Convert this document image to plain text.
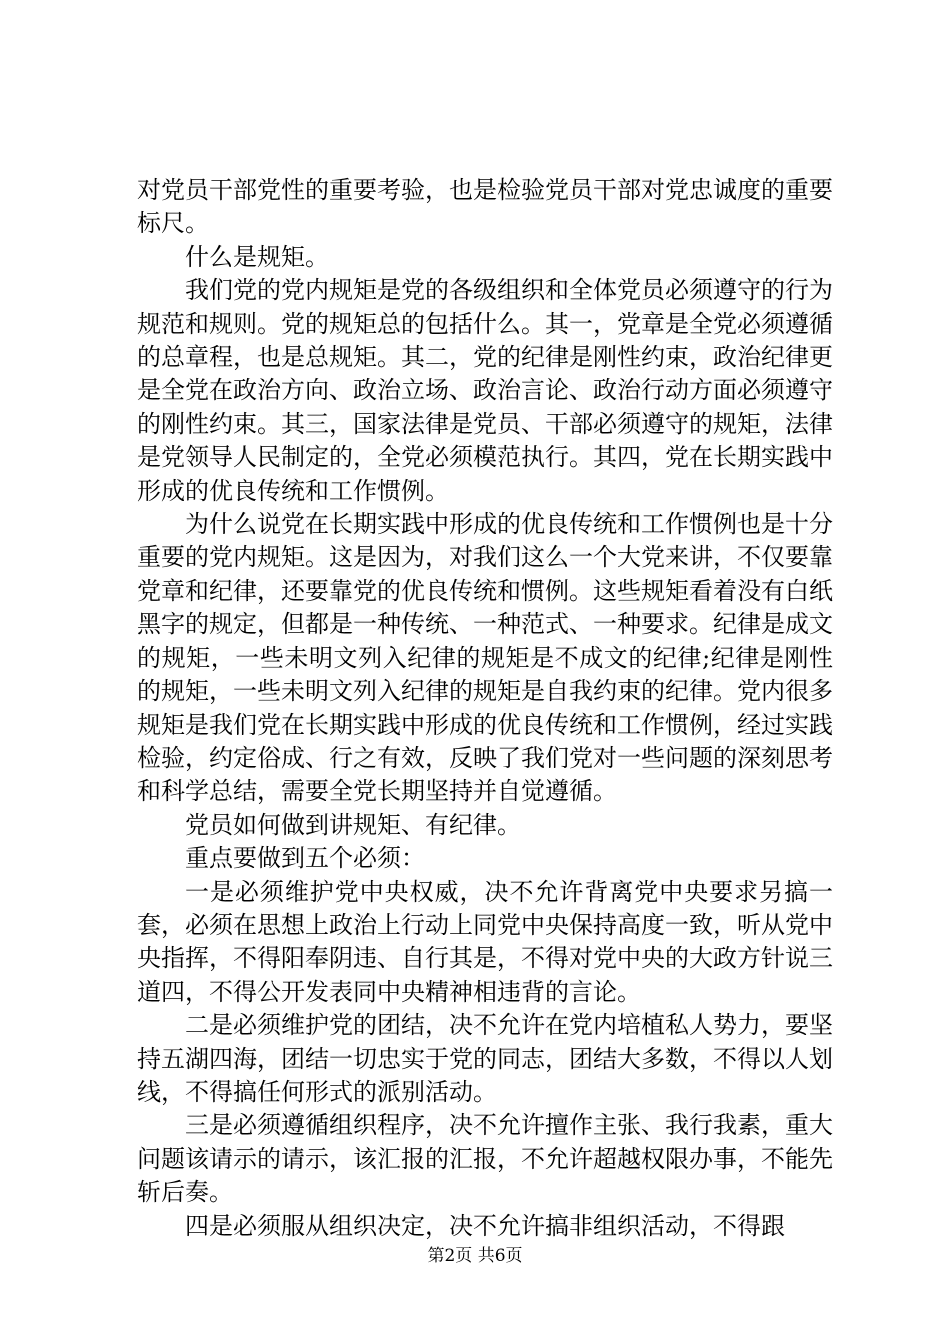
对党员干部党性的重要考验，也是检验党员干部对党忠诚度的重要标尺。

什么是规矩。

我们党的党内规矩是党的各级组织和全体党员必须遵守的行为规范和规则。党的规矩总的包括什么。其一，党章是全党必须遵循的总章程，也是总规矩。其二，党的纪律是刚性约束，政治纪律更是全党在政治方向、政治立场、政治言论、政治行动方面必须遵守的刚性约束。其三，国家法律是党员、干部必须遵守的规矩，法律是党领导人民制定的，全党必须模范执行。其四，党在长期实践中形成的优良传统和工作惯例。

为什么说党在长期实践中形成的优良传统和工作惯例也是十分重要的党内规矩。这是因为，对我们这么一个大党来讲，不仅要靠党章和纪律，还要靠党的优良传统和惯例。这些规矩看着没有白纸黑字的规定，但都是一种传统、一种范式、一种要求。纪律是成文的规矩，一些未明文列入纪律的规矩是不成文的纪律;纪律是刚性的规矩，一些未明文列入纪律的规矩是自我约束的纪律。党内很多规矩是我们党在长期实践中形成的优良传统和工作惯例，经过实践检验，约定俗成、行之有效，反映了我们党对一些问题的深刻思考和科学总结，需要全党长期坚持并自觉遵循。

党员如何做到讲规矩、有纪律。

重点要做到五个必须：

一是必须维护党中央权威，决不允许背离党中央要求另搞一套，必须在思想上政治上行动上同党中央保持高度一致，听从党中央指挥，不得阳奉阴违、自行其是，不得对党中央的大政方针说三道四，不得公开发表同中央精神相违背的言论。

二是必须维护党的团结，决不允许在党内培植私人势力，要坚持五湖四海，团结一切忠实于党的同志，团结大多数，不得以人划线，不得搞任何形式的派别活动。

三是必须遵循组织程序，决不允许擅作主张、我行我素，重大问题该请示的请示，该汇报的汇报，不允许超越权限办事，不能先斩后奏。

四是必须服从组织决定，决不允许搞非组织活动，不得跟

第2页 共6页
